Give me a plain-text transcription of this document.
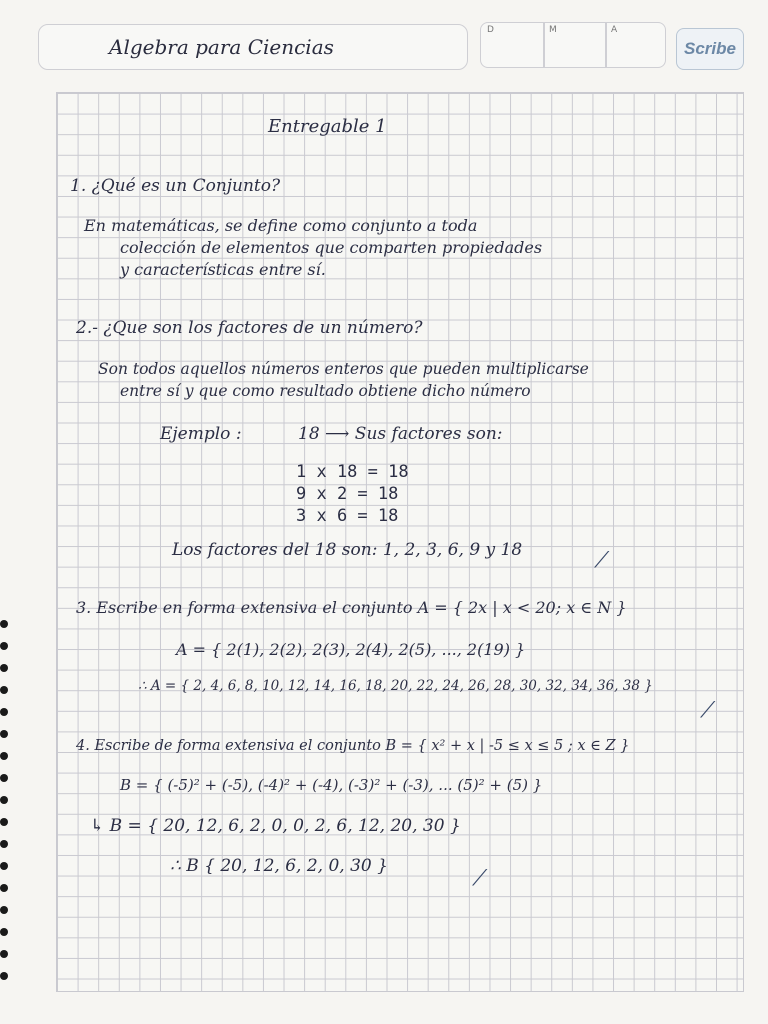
Algebra para Ciencias
D	M	A
Scribe
Entregable 1
1. ¿Qué es un Conjunto?
En matemáticas, se define como conjunto a toda
colección de elementos que comparten propiedades
y características entre sí.
2.- ¿Que son los factores de un número?
Son todos aquellos números enteros que pueden multiplicarse
entre sí y que como resultado obtiene dicho número
Ejemplo :	18 ⟶ Sus factores son:
1 x 18 = 18
9 x 2 = 18
3 x 6 = 18
Los factores del 18 son: 1, 2, 3, 6, 9 y 18	⟋
3. Escribe en forma extensiva el conjunto A = { 2x | x < 20; x ∈ N }
A = { 2(1), 2(2), 2(3), 2(4), 2(5), ..., 2(19) }
∴ A = { 2, 4, 6, 8, 10, 12, 14, 16, 18, 20, 22, 24, 26, 28, 30, 32, 34, 36, 38 }
⟋
4. Escribe de forma extensiva el conjunto B = { x² + x | -5 ≤ x ≤ 5 ; x ∈ Z }
B = { (-5)² + (-5), (-4)² + (-4), (-3)² + (-3), ... (5)² + (5) }
↳ B = { 20, 12, 6, 2, 0, 0, 2, 6, 12, 20, 30 }
∴ B { 20, 12, 6, 2, 0, 30 }	⟋
